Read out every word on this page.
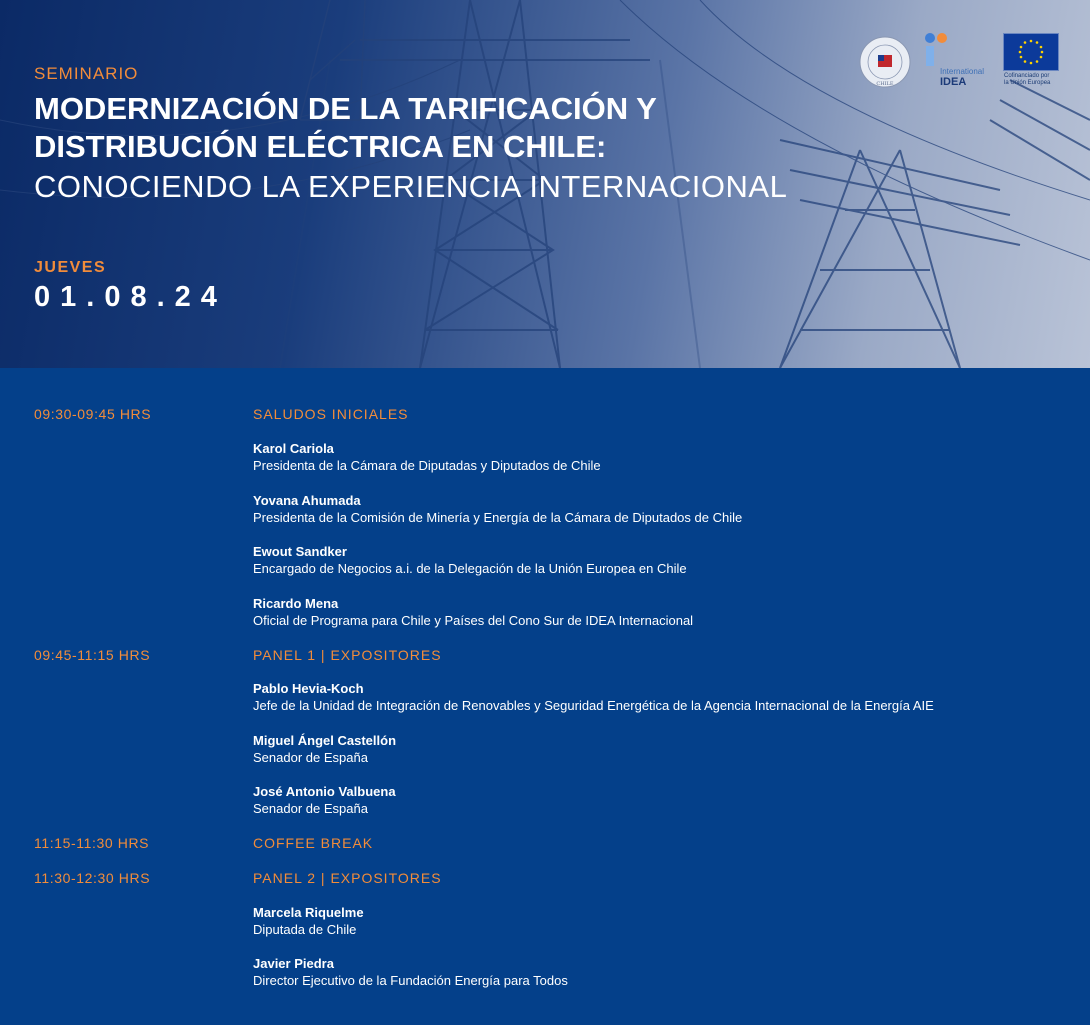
SEMINARIO
MODERNIZACIÓN DE LA TARIFICACIÓN Y
DISTRIBUCIÓN ELÉCTRICA EN CHILE:
CONOCIENDO LA EXPERIENCIA INTERNACIONAL
JUEVES
01.08.24
CHILE
International
IDEA	Cofinanciado por
la Unión Europea
09:30-09:45 HRS	SALUDOS INICIALES
Karol Cariola
Presidenta de la Cámara de Diputadas y Diputados de Chile
Yovana Ahumada
Presidenta de la Comisión de Minería y Energía de la Cámara de Diputados de Chile
Ewout Sandker
Encargado de Negocios a.i. de la Delegación de la Unión Europea en Chile
Ricardo Mena
Oficial de Programa para Chile y Países del Cono Sur de IDEA Internacional
09:45-11:15 HRS	PANEL 1 | EXPOSITORES
Pablo Hevia-Koch
Jefe de la Unidad de Integración de Renovables y Seguridad Energética de la Agencia Internacional de la Energía AIE
Miguel Ángel Castellón
Senador de España
José Antonio Valbuena
Senador de España
11:15-11:30 HRS	COFFEE BREAK
11:30-12:30 HRS	PANEL 2 | EXPOSITORES
Marcela Riquelme
Diputada de Chile
Javier Piedra
Director Ejecutivo de la Fundación Energía para Todos
